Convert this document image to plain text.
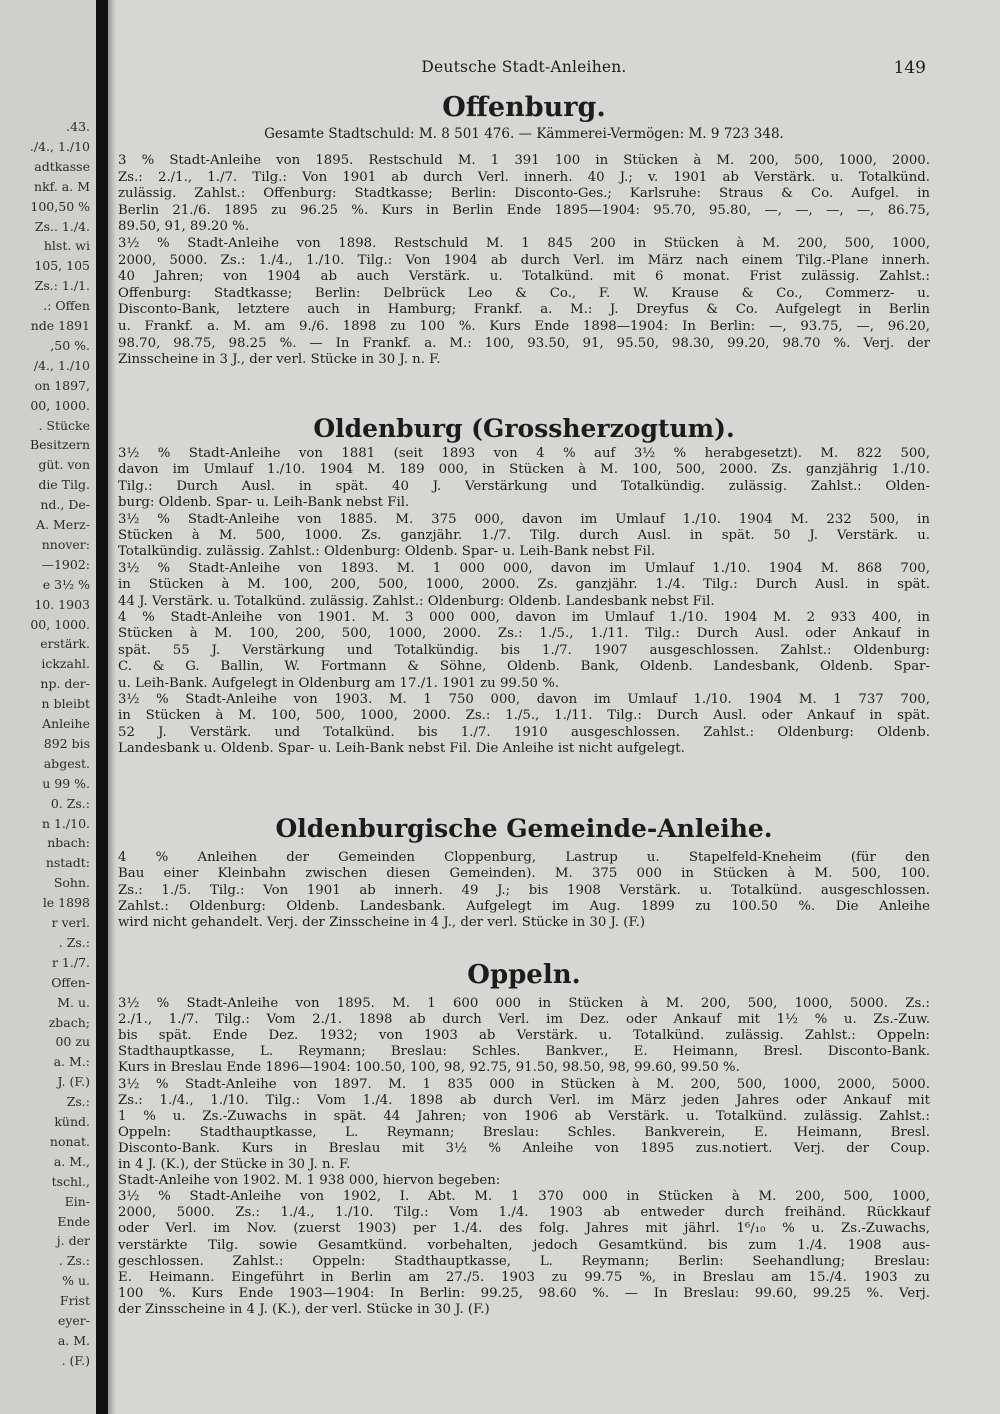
.43.
./4., 1./10
adtkasse
nkf. a. M
100,50 %
Zs.. 1./4.
hlst. wi
105, 105
Zs.: 1./1.
.: Offen
nde 1891
,50 %.
/4., 1./10
on 1897,
00, 1000.
. Stücke
Besitzern
güt. von
die Tilg.
nd., De-
A. Merz-
nnover:
—1902:
e 3½ %
10. 1903
00, 1000.
erstärk.
ickzahl.
np. der-
n bleibt
Anleihe
892 bis
abgest.
u 99 %.
0. Zs.:
n 1./10.
nbach:
nstadt:
Sohn.
le 1898
r verl.
. Zs.:
r 1./7.
Offen-
M. u.
zbach;
00 zu
a. M.:
J. (F.)
Zs.:
künd.
nonat.
a. M.,
tschl.,
Ein-
Ende
j. der
. Zs.:
% u.
Frist
eyer-
a. M.
. (F.)
Deutsche Stadt-Anleihen.	149
Offenburg.
Gesamte Stadtschuld: M. 8 501 476. — Kämmerei-Vermögen: M. 9 723 348.
3 % Stadt-Anleihe von 1895. Restschuld M. 1 391 100 in Stücken à M. 200, 500, 1000, 2000.
Zs.: 2./1., 1./7. Tilg.: Von 1901 ab durch Verl. innerh. 40 J.; v. 1901 ab Verstärk. u. Totalkünd.
zulässig. Zahlst.: Offenburg: Stadtkasse; Berlin: Disconto-Ges.; Karlsruhe: Straus & Co. Aufgel. in
Berlin 21./6. 1895 zu 96.25 %. Kurs in Berlin Ende 1895—1904: 95.70, 95.80, —, —, —, —, 86.75,
89.50, 91, 89.20 %.
3½ % Stadt-Anleihe von 1898. Restschuld M. 1 845 200 in Stücken à M. 200, 500, 1000,
2000, 5000. Zs.: 1./4., 1./10. Tilg.: Von 1904 ab durch Verl. im März nach einem Tilg.-Plane innerh.
40 Jahren; von 1904 ab auch Verstärk. u. Totalkünd. mit 6 monat. Frist zulässig. Zahlst.:
Offenburg: Stadtkasse; Berlin: Delbrück Leo & Co., F. W. Krause & Co., Commerz- u.
Disconto-Bank, letztere auch in Hamburg; Frankf. a. M.: J. Dreyfus & Co. Aufgelegt in Berlin
u. Frankf. a. M. am 9./6. 1898 zu 100 %. Kurs Ende 1898—1904: In Berlin: —, 93.75, —, 96.20,
98.70, 98.75, 98.25 %. — In Frankf. a. M.: 100, 93.50, 91, 95.50, 98.30, 99.20, 98.70 %. Verj. der
Zinsscheine in 3 J., der verl. Stücke in 30 J. n. F.
Oldenburg (Grossherzogtum).
3½ % Stadt-Anleihe von 1881 (seit 1893 von 4 % auf 3½ % herabgesetzt). M. 822 500,
davon im Umlauf 1./10. 1904 M. 189 000, in Stücken à M. 100, 500, 2000. Zs. ganzjährig 1./10.
Tilg.: Durch Ausl. in spät. 40 J. Verstärkung und Totalkündig. zulässig. Zahlst.: Olden-
burg: Oldenb. Spar- u. Leih-Bank nebst Fil.
3½ % Stadt-Anleihe von 1885. M. 375 000, davon im Umlauf 1./10. 1904 M. 232 500, in
Stücken à M. 500, 1000. Zs. ganzjähr. 1./7. Tilg. durch Ausl. in spät. 50 J. Verstärk. u.
Totalkündig. zulässig. Zahlst.: Oldenburg: Oldenb. Spar- u. Leih-Bank nebst Fil.
3½ % Stadt-Anleihe von 1893. M. 1 000 000, davon im Umlauf 1./10. 1904 M. 868 700,
in Stücken à M. 100, 200, 500, 1000, 2000. Zs. ganzjähr. 1./4. Tilg.: Durch Ausl. in spät.
44 J. Verstärk. u. Totalkünd. zulässig. Zahlst.: Oldenburg: Oldenb. Landesbank nebst Fil.
4 % Stadt-Anleihe von 1901. M. 3 000 000, davon im Umlauf 1./10. 1904 M. 2 933 400, in
Stücken à M. 100, 200, 500, 1000, 2000. Zs.: 1./5., 1./11. Tilg.: Durch Ausl. oder Ankauf in
spät. 55 J. Verstärkung und Totalkündig. bis 1./7. 1907 ausgeschlossen. Zahlst.: Oldenburg:
C. & G. Ballin, W. Fortmann & Söhne, Oldenb. Bank, Oldenb. Landesbank, Oldenb. Spar-
u. Leih-Bank. Aufgelegt in Oldenburg am 17./1. 1901 zu 99.50 %.
3½ % Stadt-Anleihe von 1903. M. 1 750 000, davon im Umlauf 1./10. 1904 M. 1 737 700,
in Stücken à M. 100, 500, 1000, 2000. Zs.: 1./5., 1./11. Tilg.: Durch Ausl. oder Ankauf in spät.
52 J. Verstärk. und Totalkünd. bis 1./7. 1910 ausgeschlossen. Zahlst.: Oldenburg: Oldenb.
Landesbank u. Oldenb. Spar- u. Leih-Bank nebst Fil. Die Anleihe ist nicht aufgelegt.
Oldenburgische Gemeinde-Anleihe.
4 % Anleihen der Gemeinden Cloppenburg, Lastrup u. Stapelfeld-Kneheim (für den
Bau einer Kleinbahn zwischen diesen Gemeinden). M. 375 000 in Stücken à M. 500, 100.
Zs.: 1./5. Tilg.: Von 1901 ab innerh. 49 J.; bis 1908 Verstärk. u. Totalkünd. ausgeschlossen.
Zahlst.: Oldenburg: Oldenb. Landesbank. Aufgelegt im Aug. 1899 zu 100.50 %. Die Anleihe
wird nicht gehandelt. Verj. der Zinsscheine in 4 J., der verl. Stücke in 30 J. (F.)
Oppeln.
3½ % Stadt-Anleihe von 1895. M. 1 600 000 in Stücken à M. 200, 500, 1000, 5000. Zs.:
2./1., 1./7. Tilg.: Vom 2./1. 1898 ab durch Verl. im Dez. oder Ankauf mit 1½ % u. Zs.-Zuw.
bis spät. Ende Dez. 1932; von 1903 ab Verstärk. u. Totalkünd. zulässig. Zahlst.: Oppeln:
Stadthauptkasse, L. Reymann; Breslau: Schles. Bankver., E. Heimann, Bresl. Disconto-Bank.
Kurs in Breslau Ende 1896—1904: 100.50, 100, 98, 92.75, 91.50, 98.50, 98, 99.60, 99.50 %.
3½ % Stadt-Anleihe von 1897. M. 1 835 000 in Stücken à M. 200, 500, 1000, 2000, 5000.
Zs.: 1./4., 1./10. Tilg.: Vom 1./4. 1898 ab durch Verl. im März jeden Jahres oder Ankauf mit
1 % u. Zs.-Zuwachs in spät. 44 Jahren; von 1906 ab Verstärk. u. Totalkünd. zulässig. Zahlst.:
Oppeln: Stadthauptkasse, L. Reymann; Breslau: Schles. Bankverein, E. Heimann, Bresl.
Disconto-Bank. Kurs in Breslau mit 3½ % Anleihe von 1895 zus.notiert. Verj. der Coup.
in 4 J. (K.), der Stücke in 30 J. n. F.
Stadt-Anleihe von 1902. M. 1 938 000, hiervon begeben:
3½ % Stadt-Anleihe von 1902, I. Abt. M. 1 370 000 in Stücken à M. 200, 500, 1000,
2000, 5000. Zs.: 1./4., 1./10. Tilg.: Vom 1./4. 1903 ab entweder durch freihänd. Rückkauf
oder Verl. im Nov. (zuerst 1903) per 1./4. des folg. Jahres mit jährl. 1⁶/₁₀ % u. Zs.-Zuwachs,
verstärkte Tilg. sowie Gesamtkünd. vorbehalten, jedoch Gesamtkünd. bis zum 1./4. 1908 aus-
geschlossen. Zahlst.: Oppeln: Stadthauptkasse, L. Reymann; Berlin: Seehandlung; Breslau:
E. Heimann. Eingeführt in Berlin am 27./5. 1903 zu 99.75 %, in Breslau am 15./4. 1903 zu
100 %. Kurs Ende 1903—1904: In Berlin: 99.25, 98.60 %. — In Breslau: 99.60, 99.25 %. Verj.
der Zinsscheine in 4 J. (K.), der verl. Stücke in 30 J. (F.)
